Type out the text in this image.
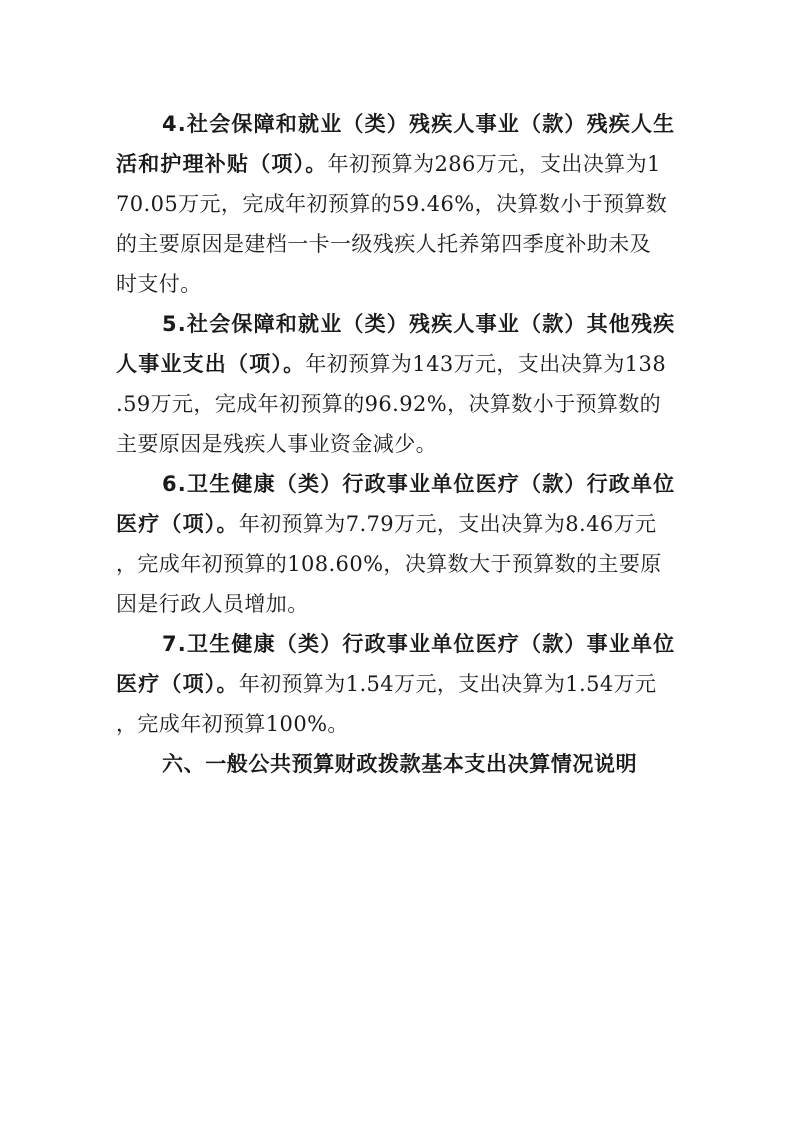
4.社会保障和就业（类）残疾人事业（款）残疾人生
活和护理补贴（项）。年初预算为286万元，支出决算为1
70.05万元，完成年初预算的59.46%，决算数小于预算数
的主要原因是建档一卡一级残疾人托养第四季度补助未及
时支付。
5.社会保障和就业（类）残疾人事业（款）其他残疾
人事业支出（项）。年初预算为143万元，支出决算为138
.59万元，完成年初预算的96.92%，决算数小于预算数的
主要原因是残疾人事业资金减少。
6.卫生健康（类）行政事业单位医疗（款）行政单位
医疗（项）。年初预算为7.79万元，支出决算为8.46万元
，完成年初预算的108.60%，决算数大于预算数的主要原
因是行政人员增加。
7.卫生健康（类）行政事业单位医疗（款）事业单位
医疗（项）。年初预算为1.54万元，支出决算为1.54万元
，完成年初预算100%。
六、一般公共预算财政拨款基本支出决算情况说明
